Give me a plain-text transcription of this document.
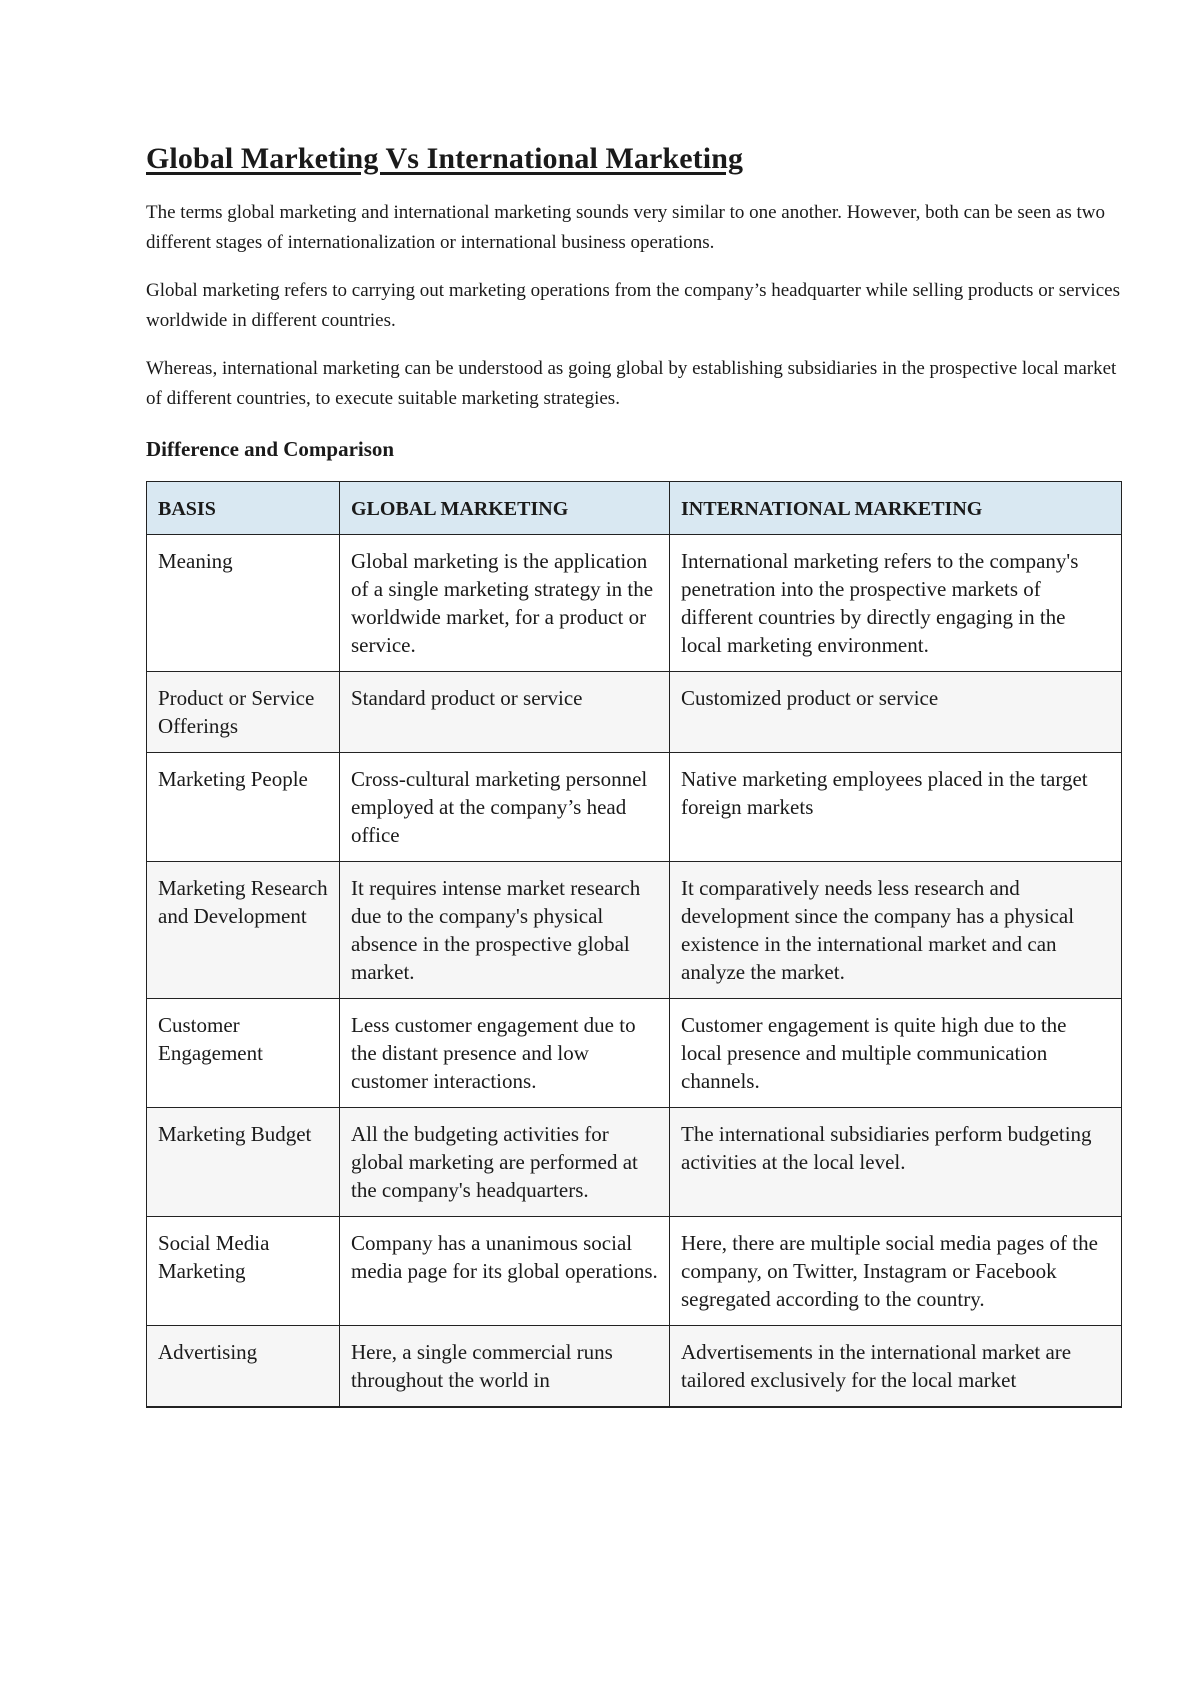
Global Marketing Vs International Marketing

The terms global marketing and international marketing sounds very similar to one another. However, both can be seen as two different stages of internationalization or international business operations.

Global marketing refers to carrying out marketing operations from the company’s headquarter while selling products or services worldwide in different countries.

Whereas, international marketing can be understood as going global by establishing subsidiaries in the prospective local market of different countries, to execute suitable marketing strategies.

Difference and Comparison
BASIS	GLOBAL MARKETING	INTERNATIONAL MARKETING
Meaning	Global marketing is the application of a single marketing strategy in the worldwide market, for a product or service.	International marketing refers to the company's penetration into the prospective markets of different countries by directly engaging in the local marketing environment.
Product or Service Offerings	Standard product or service	Customized product or service
Marketing People	Cross-cultural marketing personnel employed at the company’s head office	Native marketing employees placed in the target foreign markets
Marketing Research and Development	It requires intense market research due to the company's physical absence in the prospective global market.	It comparatively needs less research and development since the company has a physical existence in the international market and can analyze the market.
Customer Engagement	Less customer engagement due to the distant presence and low customer interactions.	Customer engagement is quite high due to the local presence and multiple communication channels.
Marketing Budget	All the budgeting activities for global marketing are performed at the company's headquarters.	The international subsidiaries perform budgeting activities at the local level.
Social Media Marketing	Company has a unanimous social media page for its global operations.	Here, there are multiple social media pages of the company, on Twitter, Instagram or Facebook segregated according to the country.
Advertising	Here, a single commercial runs throughout the world in	Advertisements in the international market are tailored exclusively for the local market
